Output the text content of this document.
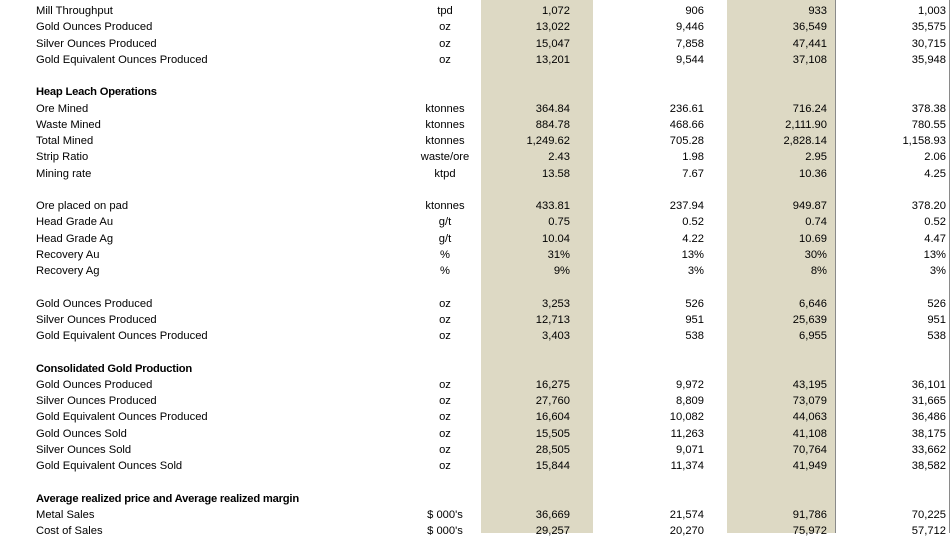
Mill Throughput	tpd	1,072	906	933	1,003
Gold Ounces Produced	oz	13,022	9,446	36,549	35,575
Silver Ounces Produced	oz	15,047	7,858	47,441	30,715
Gold Equivalent Ounces Produced	oz	13,201	9,544	37,108	35,948
Heap Leach Operations
Ore Mined	ktonnes	364.84	236.61	716.24	378.38
Waste Mined	ktonnes	884.78	468.66	2,111.90	780.55
Total Mined	ktonnes	1,249.62	705.28	2,828.14	1,158.93
Strip Ratio	waste/ore	2.43	1.98	2.95	2.06
Mining rate	ktpd	13.58	7.67	10.36	4.25
Ore placed on pad	ktonnes	433.81	237.94	949.87	378.20
Head Grade Au	g/t	0.75	0.52	0.74	0.52
Head Grade Ag	g/t	10.04	4.22	10.69	4.47
Recovery Au	%	31%	13%	30%	13%
Recovery Ag	%	9%	3%	8%	3%
Gold Ounces Produced	oz	3,253	526	6,646	526
Silver Ounces Produced	oz	12,713	951	25,639	951
Gold Equivalent Ounces Produced	oz	3,403	538	6,955	538
Consolidated Gold Production
Gold Ounces Produced	oz	16,275	9,972	43,195	36,101
Silver Ounces Produced	oz	27,760	8,809	73,079	31,665
Gold Equivalent Ounces Produced	oz	16,604	10,082	44,063	36,486
Gold Ounces Sold	oz	15,505	11,263	41,108	38,175
Silver Ounces Sold	oz	28,505	9,071	70,764	33,662
Gold Equivalent Ounces Sold	oz	15,844	11,374	41,949	38,582
Average realized price and Average realized margin
Metal Sales	$ 000's	36,669	21,574	91,786	70,225
Cost of Sales	$ 000's	29,257	20,270	75,972	57,712
